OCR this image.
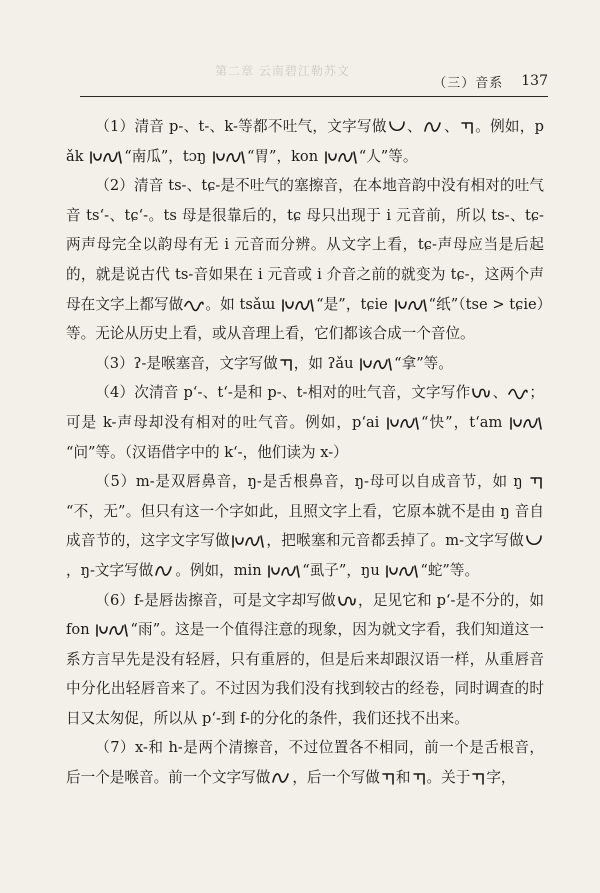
第二章 云南碧江勒苏文
（三）音系 137

（1）清音 p-、t-、k-等都不吐气，文字写做 、 、 。例如，pǎk
“南瓜”，tɔŋ
“胃”，kon
“人”等。

（2）清音 ts-、tɕ-是不吐气的塞擦音，在本地音韵中没有相对的吐气音 ts‘-、tɕ‘-。ts 母是很靠后的，tɕ 母只出现于 i 元音前，所以 ts-、tɕ-两声母完全以韵母有无 i 元音而分辨。从文字上看，tɕ-声母应当是后起的，就是说古代 ts-音如果在 i 元音或 i 介音之前的就变为 tɕ-，这两个声母在文字上都写做 。如 tsǎɯ
“是”，tɕie
“纸”（tse > tɕie）等。无论从历史上看，或从音理上看，它们都该合成一个音位。

（3）ʔ-是喉塞音，文字写做 ，如 ʔǎu
“拿”等。

（4）次清音 p‘-、t‘-是和 p-、t-相对的吐气音，文字写作 、 ；可是 k-声母却没有相对的吐气音。例如，p‘ai
“快”，t‘am
“问”等。（汉语借字中的 k‘-，他们读为 x-）

（5）m-是双唇鼻音，ŋ-是舌根鼻音，ŋ-母可以自成音节，如 ŋ
“不，无”。但只有这一个字如此，且照文字上看，它原本就不是由 ŋ 音自成音节的，这字文字写做 ，把喉塞和元音都丢掉了。m-文字写做
，ŋ-文字写做 。例如，min
“虱子”，ŋu
“蛇”等。

（6）f-是唇齿擦音，可是文字却写做 ，足见它和 p‘-是不分的，如 fon
“雨”。这是一个值得注意的现象，因为就文字看，我们知道这一系方言早先是没有轻唇，只有重唇的，但是后来却跟汉语一样，从重唇音中分化出轻唇音来了。不过因为我们没有找到较古的经卷，同时调查的时日又太匆促，所以从 p‘-到 f-的分化的条件，我们还找不出来。

（7）x-和 h-是两个清擦音，不过位置各不相同，前一个是舌根音，后一个是喉音。前一个文字写做 ，后一个写做 和 。关于 字，
